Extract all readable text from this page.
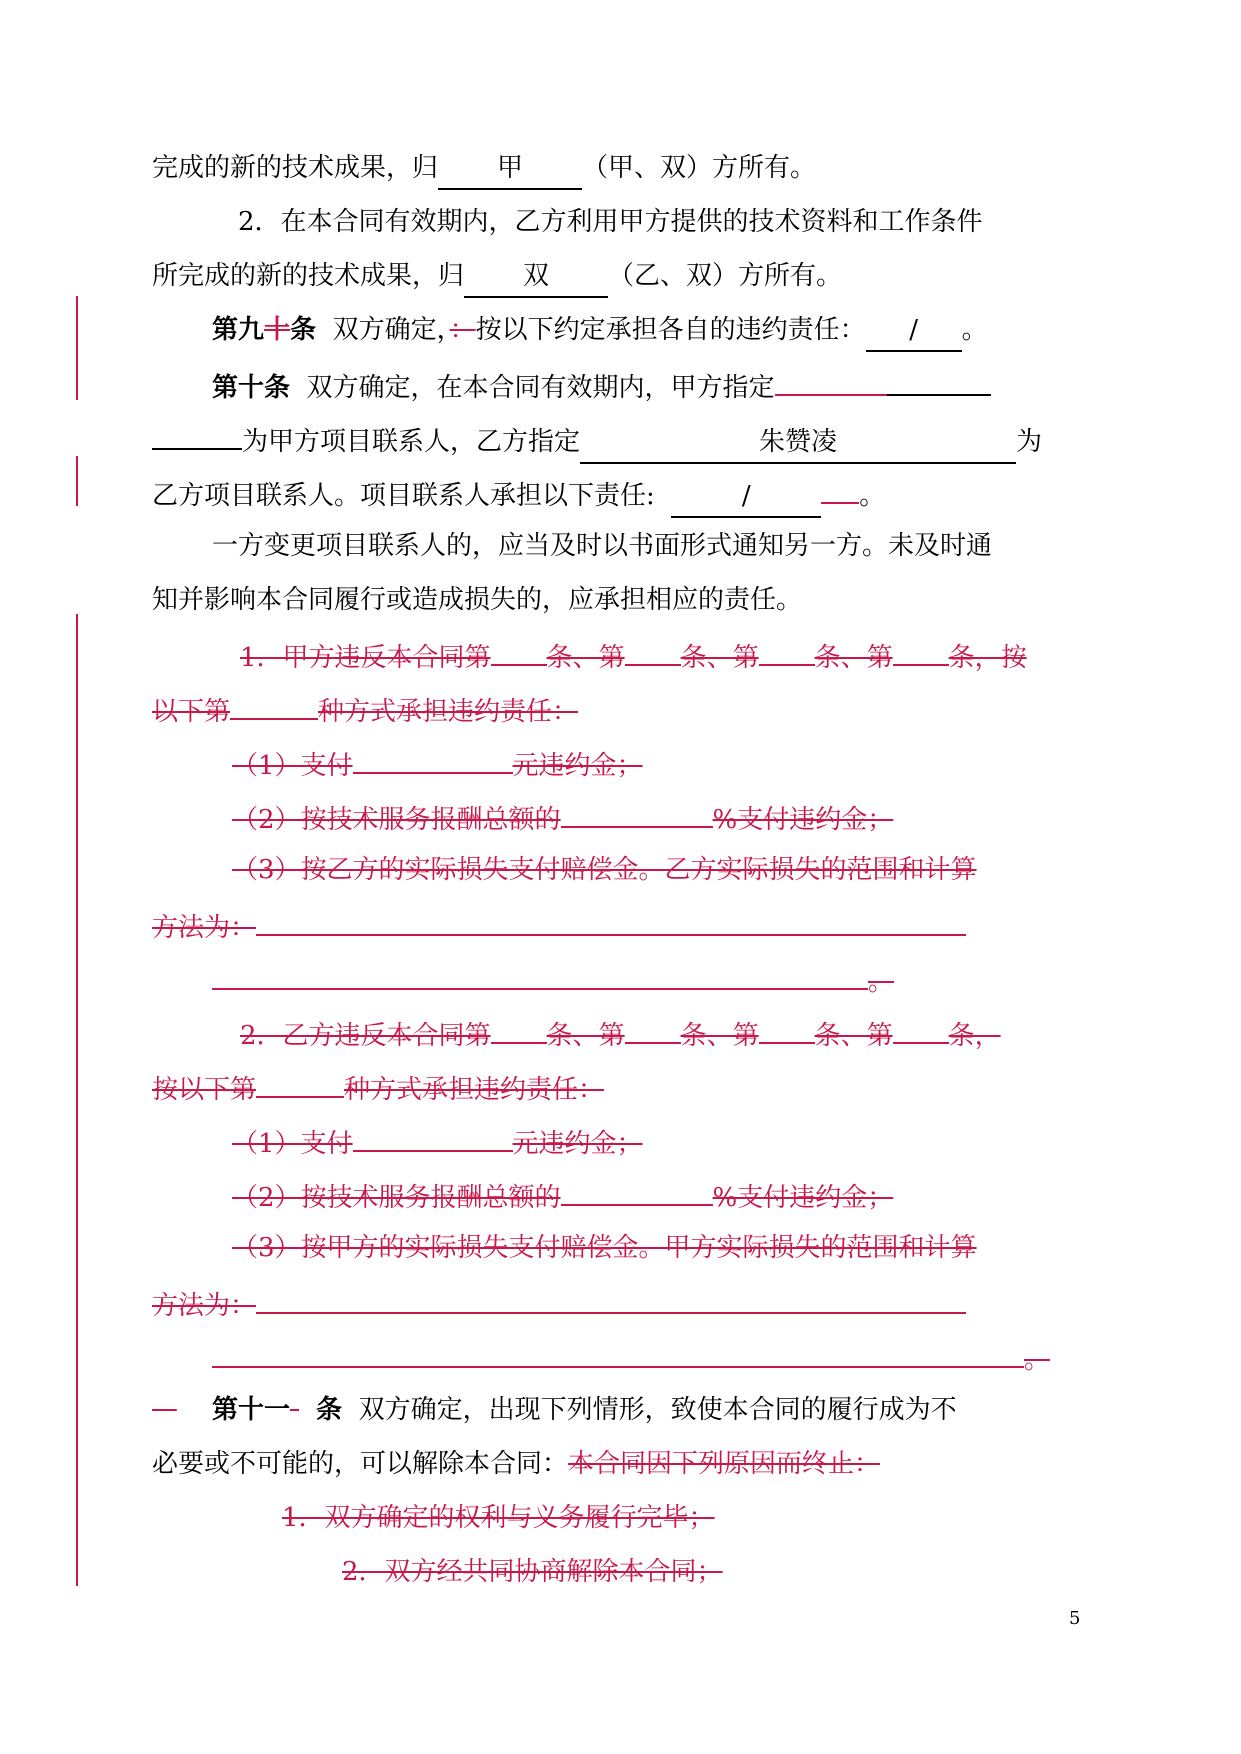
完成的新的技术成果，归 甲 （甲、双）方所有。
2．在本合同有效期内，乙方利用甲方提供的技术资料和工作条件
所完成的新的技术成果，归 双 （乙、双）方所有。
第九十条 双方确定，：按以下约定承担各自的违约责任： / 。
第十条 双方确定，在本合同有效期内，甲方指定
为甲方项目联系人，乙方指定	朱赞凌	为
乙方项目联系人。项目联系人承担以下责任:	/	。
一方变更项目联系人的，应当及时以书面形式通知另一方。未及时通
知并影响本合同履行或造成损失的，应承担相应的责任。
1．甲方违反本合同第 条、第 条、第 条、第 条，按
以下第	种方式承担违约责任：
（1）支付	元违约金；
（2）按技术服务报酬总额的	%支付违约金；
（3）按乙方的实际损失支付赔偿金。乙方实际损失的范围和计算
方法为：
。
2．乙方违反本合同第 条、第 条、第 条、第 条，
按以下第	种方式承担违约责任：
（1）支付	元违约金；
（2）按技术服务报酬总额的	%支付违约金；
（3）按甲方的实际损失支付赔偿金。甲方实际损失的范围和计算
方法为：
。
第十一 条 双方确定，出现下列情形，致使本合同的履行成为不
必要或不可能的，可以解除本合同：本合同因下列原因而终止：
1．双方确定的权利与义务履行完毕；
2．双方经共同协商解除本合同；
5
